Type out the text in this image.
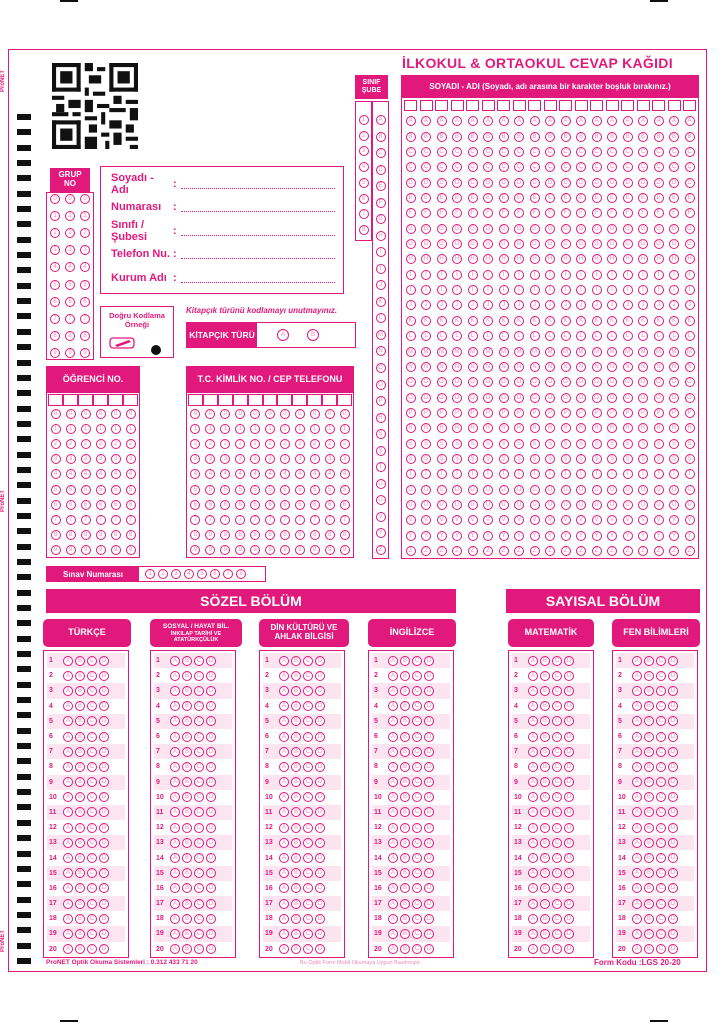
ProNET
ProNET
ProNET
İLKOKUL & ORTAOKUL CEVAP KAĞIDI
SINIF
ŞUBE
1
2
3
4
5
6
7
8
A
B
C
D
E
F
G
H
I
İ
J
K
L
M
N
O
Ö
P
R
S
Ş
T
U
Ü
V
Y
Z
SOYADI - ADI (Soyadı, adı arasına bir karakter boşluk bırakınız.)
A
B
C
Ç
D
E
F
G
Ğ
H
I
İ
J
K
L
M
N
O
Ö
P
R
S
Ş
T
U
Ü
V
Y
Z
A
B
C
Ç
D
E
F
G
Ğ
H
I
İ
J
K
L
M
N
O
Ö
P
R
S
Ş
T
U
Ü
V
Y
Z
A
B
C
Ç
D
E
F
G
Ğ
H
I
İ
J
K
L
M
N
O
Ö
P
R
S
Ş
T
U
Ü
V
Y
Z
A
B
C
Ç
D
E
F
G
Ğ
H
I
İ
J
K
L
M
N
O
Ö
P
R
S
Ş
T
U
Ü
V
Y
Z
A
B
C
Ç
D
E
F
G
Ğ
H
I
İ
J
K
L
M
N
O
Ö
P
R
S
Ş
T
U
Ü
V
Y
Z
A
B
C
Ç
D
E
F
G
Ğ
H
I
İ
J
K
L
M
N
O
Ö
P
R
S
Ş
T
U
Ü
V
Y
Z
A
B
C
Ç
D
E
F
G
Ğ
H
I
İ
J
K
L
M
N
O
Ö
P
R
S
Ş
T
U
Ü
V
Y
Z
A
B
C
Ç
D
E
F
G
Ğ
H
I
İ
J
K
L
M
N
O
Ö
P
R
S
Ş
T
U
Ü
V
Y
Z
A
B
C
Ç
D
E
F
G
Ğ
H
I
İ
J
K
L
M
N
O
Ö
P
R
S
Ş
T
U
Ü
V
Y
Z
A
B
C
Ç
D
E
F
G
Ğ
H
I
İ
J
K
L
M
N
O
Ö
P
R
S
Ş
T
U
Ü
V
Y
Z
A
B
C
Ç
D
E
F
G
Ğ
H
I
İ
J
K
L
M
N
O
Ö
P
R
S
Ş
T
U
Ü
V
Y
Z
A
B
C
Ç
D
E
F
G
Ğ
H
I
İ
J
K
L
M
N
O
Ö
P
R
S
Ş
T
U
Ü
V
Y
Z
A
B
C
Ç
D
E
F
G
Ğ
H
I
İ
J
K
L
M
N
O
Ö
P
R
S
Ş
T
U
Ü
V
Y
Z
A
B
C
Ç
D
E
F
G
Ğ
H
I
İ
J
K
L
M
N
O
Ö
P
R
S
Ş
T
U
Ü
V
Y
Z
A
B
C
Ç
D
E
F
G
Ğ
H
I
İ
J
K
L
M
N
O
Ö
P
R
S
Ş
T
U
Ü
V
Y
Z
A
B
C
Ç
D
E
F
G
Ğ
H
I
İ
J
K
L
M
N
O
Ö
P
R
S
Ş
T
U
Ü
V
Y
Z
A
B
C
Ç
D
E
F
G
Ğ
H
I
İ
J
K
L
M
N
O
Ö
P
R
S
Ş
T
U
Ü
V
Y
Z
A
B
C
Ç
D
E
F
G
Ğ
H
I
İ
J
K
L
M
N
O
Ö
P
R
S
Ş
T
U
Ü
V
Y
Z
A
B
C
Ç
D
E
F
G
Ğ
H
I
İ
J
K
L
M
N
O
Ö
P
R
S
Ş
T
U
Ü
V
Y
Z
GRUP
NO
0
1
2
3
4
5
6
7
8
9
0
1
2
3
4
5
6
7
8
9
0
1
2
3
4
5
6
7
8
9
Soyadı - Adı	:
Numarası	:
Sınıfı / Şubesi	:
Telefon Nu. :
Kurum Adı :
Doğru Kodlama
Örneği
Kitapçık türünü kodlamayı unutmayınız.
KİTAPÇIK TÜRÜ	A	B
ÖĞRENCİ NO.
0
1
2
3
4
5
6
7
8
9
0
1
2
3
4
5
6
7
8
9
0
1
2
3
4
5
6
7
8
9
0
1
2
3
4
5
6
7
8
9
0
1
2
3
4
5
6
7
8
9
0
1
2
3
4
5
6
7
8
9
T.C. KİMLİK NO. / CEP TELEFONU
0
1
2
3
4
5
6
7
8
9
0
1
2
3
4
5
6
7
8
9
0
1
2
3
4
5
6
7
8
9
0
1
2
3
4
5
6
7
8
9
0
1
2
3
4
5
6
7
8
9
0
1
2
3
4
5
6
7
8
9
0
1
2
3
4
5
6
7
8
9
0
1
2
3
4
5
6
7
8
9
0
1
2
3
4
5
6
7
8
9
0
1
2
3
4
5
6
7
8
9
0
1
2
3
4
5
6
7
8
9
Sınav Numarası	1	2	3	4	5	6	7	8
SÖZEL BÖLÜM	SAYISAL BÖLÜM
TÜRKÇE
1	A	B	C	D
2	A	B	C	D
3	A	B	C	D
4	A	B	C	D
5	A	B	C	D
6	A	B	C	D
7	A	B	C	D
8	A	B	C	D
9	A	B	C	D
10	A	B	C	D
11	A	B	C	D
12	A	B	C	D
13	A	B	C	D
14	A	B	C	D
15	A	B	C	D
16	A	B	C	D
17	A	B	C	D
18	A	B	C	D
19	A	B	C	D
20	A	B	C	D
SOSYAL / HAYAT BİL.
İNKILAP TARİHİ VE ATATÜRKÇÜLÜK
1	A	B	C	D
2	A	B	C	D
3	A	B	C	D
4	A	B	C	D
5	A	B	C	D
6	A	B	C	D
7	A	B	C	D
8	A	B	C	D
9	A	B	C	D
10	A	B	C	D
11	A	B	C	D
12	A	B	C	D
13	A	B	C	D
14	A	B	C	D
15	A	B	C	D
16	A	B	C	D
17	A	B	C	D
18	A	B	C	D
19	A	B	C	D
20	A	B	C	D
DİN KÜLTÜRÜ VE AHLAK BİLGİSİ
1	A	B	C	D
2	A	B	C	D
3	A	B	C	D
4	A	B	C	D
5	A	B	C	D
6	A	B	C	D
7	A	B	C	D
8	A	B	C	D
9	A	B	C	D
10	A	B	C	D
11	A	B	C	D
12	A	B	C	D
13	A	B	C	D
14	A	B	C	D
15	A	B	C	D
16	A	B	C	D
17	A	B	C	D
18	A	B	C	D
19	A	B	C	D
20	A	B	C	D
İNGİLİZCE
1	A	B	C	D
2	A	B	C	D
3	A	B	C	D
4	A	B	C	D
5	A	B	C	D
6	A	B	C	D
7	A	B	C	D
8	A	B	C	D
9	A	B	C	D
10	A	B	C	D
11	A	B	C	D
12	A	B	C	D
13	A	B	C	D
14	A	B	C	D
15	A	B	C	D
16	A	B	C	D
17	A	B	C	D
18	A	B	C	D
19	A	B	C	D
20	A	B	C	D
MATEMATİK
1	A	B	C	D
2	A	B	C	D
3	A	B	C	D
4	A	B	C	D
5	A	B	C	D
6	A	B	C	D
7	A	B	C	D
8	A	B	C	D
9	A	B	C	D
10	A	B	C	D
11	A	B	C	D
12	A	B	C	D
13	A	B	C	D
14	A	B	C	D
15	A	B	C	D
16	A	B	C	D
17	A	B	C	D
18	A	B	C	D
19	A	B	C	D
20	A	B	C	D
FEN BİLİMLERİ
1	A	B	C	D
2	A	B	C	D
3	A	B	C	D
4	A	B	C	D
5	A	B	C	D
6	A	B	C	D
7	A	B	C	D
8	A	B	C	D
9	A	B	C	D
10	A	B	C	D
11	A	B	C	D
12	A	B	C	D
13	A	B	C	D
14	A	B	C	D
15	A	B	C	D
16	A	B	C	D
17	A	B	C	D
18	A	B	C	D
19	A	B	C	D
20	A	B	C	D
ProNET Optik Okuma Sistemleri : 0.312 433 71 20	Bu Optik Form Mobil Okumaya Uygun Basılmıştır.	Form Kodu :LGS 20-20
